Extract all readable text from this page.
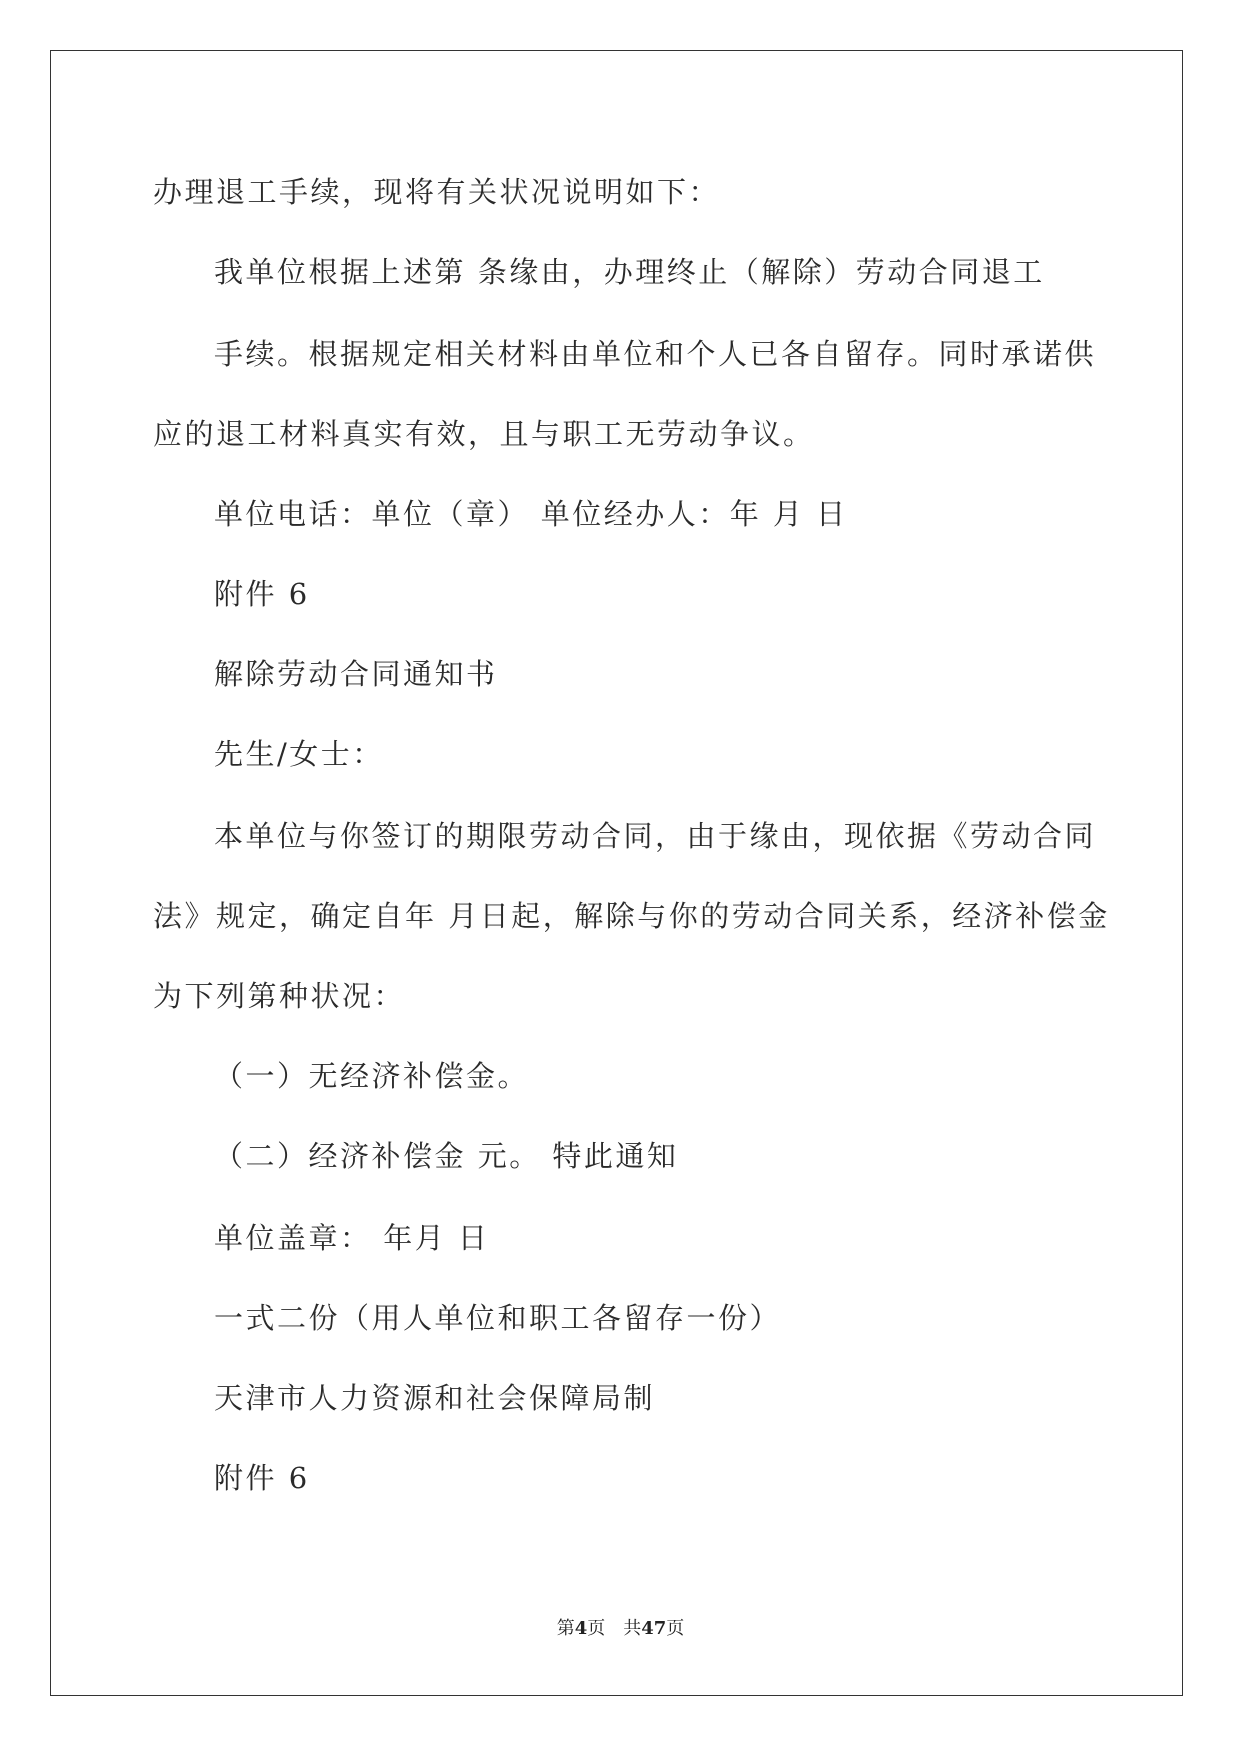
办理退工手续，现将有关状况说明如下：

我单位根据上述第 条缘由，办理终止（解除）劳动合同退工

手续。根据规定相关材料由单位和个人已各自留存。同时承诺供

应的退工材料真实有效，且与职工无劳动争议。

单位电话：单位（章） 单位经办人：年 月 日

附件 6

解除劳动合同通知书

先生/女士：

本单位与你签订的期限劳动合同，由于缘由，现依据《劳动合同

法》规定，确定自年 月日起，解除与你的劳动合同关系，经济补偿金

为下列第种状况：

（一）无经济补偿金。

（二）经济补偿金 元。 特此通知

单位盖章： 年月 日

一式二份（用人单位和职工各留存一份）

天津市人力资源和社会保障局制

附件 6

第4页 共47页
